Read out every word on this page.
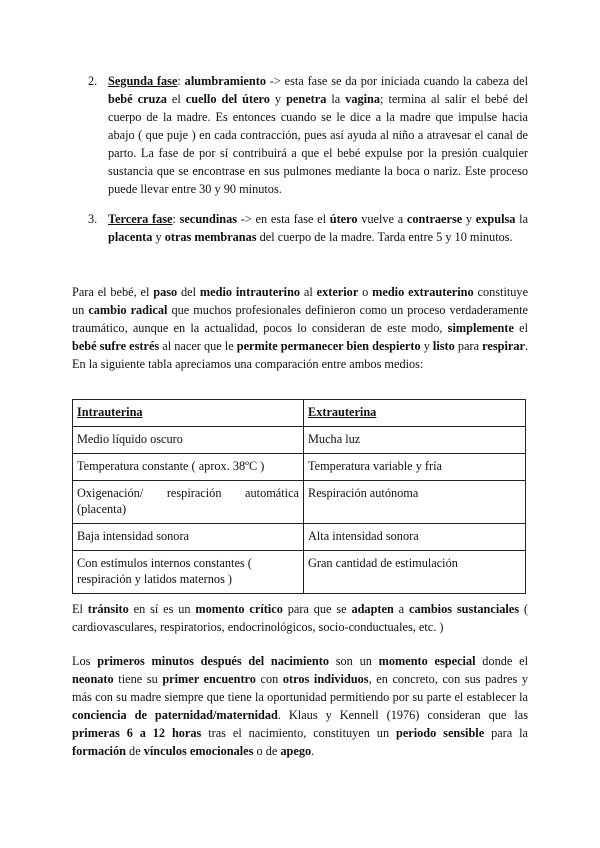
2. Segunda fase: alumbramiento -> esta fase se da por iniciada cuando la cabeza del bebé cruza el cuello del útero y penetra la vagina; termina al salir el bebé del cuerpo de la madre. Es entonces cuando se le dice a la madre que impulse hacia abajo ( que puje ) en cada contracción, pues así ayuda al niño a atravesar el canal de parto. La fase de por sí contribuirá a que el bebé expulse por la presión cualquier sustancia que se encontrase en sus pulmones mediante la boca o nariz. Este proceso puede llevar entre 30 y 90 minutos.
3. Tercera fase: secundinas -> en esta fase el útero vuelve a contraerse y expulsa la placenta y otras membranas del cuerpo de la madre. Tarda entre 5 y 10 minutos.
Para el bebé, el paso del medio intrauterino al exterior o medio extrauterino constituye un cambio radical que muchos profesionales definieron como un proceso verdaderamente traumático, aunque en la actualidad, pocos lo consideran de este modo, simplemente el bebé sufre estrés al nacer que le permite permanecer bien despierto y listo para respirar. En la siguiente tabla apreciamos una comparación entre ambos medios:
Intrauterina	Extrauterina
Medio líquido oscuro	Mucha luz
Temperatura constante ( aprox. 38ºC )	Temperatura variable y fría
Oxigenación/ respiración automática (placenta)	Respiración autónoma
Baja intensidad sonora	Alta intensidad sonora
Con estímulos internos constantes ( respiración y latidos maternos )	Gran cantidad de estimulación
El tránsito en sí es un momento crítico para que se adapten a cambios sustanciales ( cardiovasculares, respiratorios, endocrinológicos, socio-conductuales, etc. )
Los primeros minutos después del nacimiento son un momento especial donde el neonato tiene su primer encuentro con otros individuos, en concreto, con sus padres y más con su madre siempre que tiene la oportunidad permitiendo por su parte el establecer la conciencia de paternidad/maternidad. Klaus y Kennell (1976) consideran que las primeras 6 a 12 horas tras el nacimiento, constituyen un periodo sensible para la formación de vínculos emocionales o de apego.
